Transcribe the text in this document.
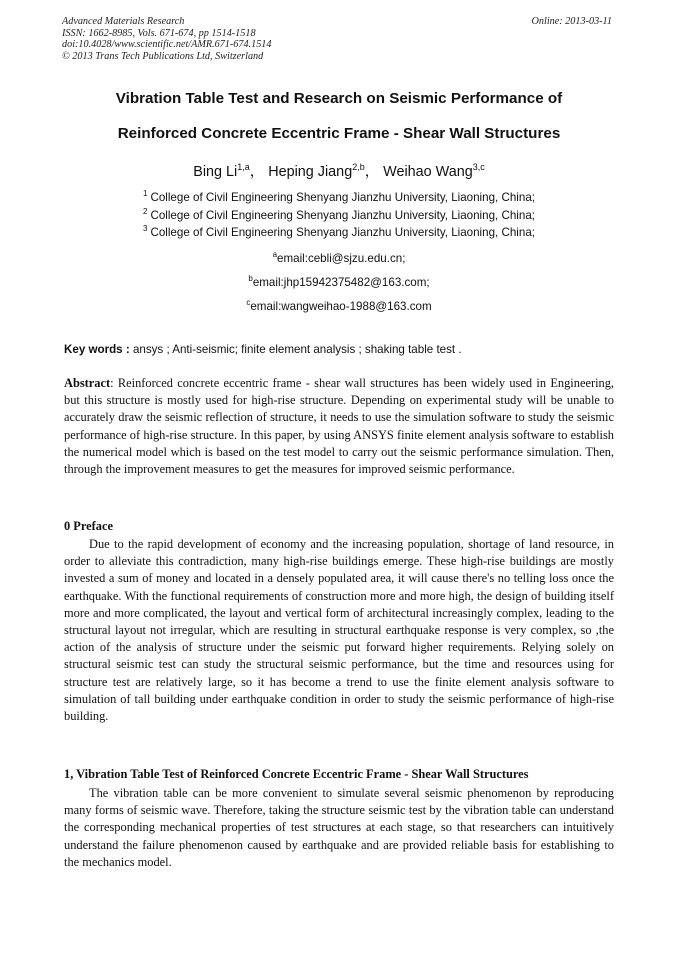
Advanced Materials Research
ISSN: 1662-8985, Vols. 671-674, pp 1514-1518
doi:10.4028/www.scientific.net/AMR.671-674.1514
© 2013 Trans Tech Publications Ltd, Switzerland
Online: 2013-03-11
Vibration Table Test and Research on Seismic Performance of
Reinforced Concrete Eccentric Frame - Shear Wall Structures
Bing Li$^{1,a}$， Heping Jiang$^{2,b}$， Weihao Wang$^{3,c}$
$^1$ College of Civil Engineering Shenyang Jianzhu University, Liaoning, China;
$^2$ College of Civil Engineering Shenyang Jianzhu University, Liaoning, China;
$^3$ College of Civil Engineering Shenyang Jianzhu University, Liaoning, China;
$^a$email:cebli@sjzu.edu.cn;
$^b$email:jhp15942375482@163.com;
$^c$email:wangweihao-1988@163.com
Key words : ansys ; Anti-seismic; finite element analysis ; shaking table test .

Abstract: Reinforced concrete eccentric frame - shear wall structures has been widely used in Engineering, but this structure is mostly used for high-rise structure. Depending on experimental study will be unable to accurately draw the seismic reflection of structure, it needs to use the simulation software to study the seismic performance of high-rise structure. In this paper, by using ANSYS finite element analysis software to establish the numerical model which is based on the test model to carry out the seismic performance simulation. Then, through the improvement measures to get the measures for improved seismic performance.

0 Preface

Due to the rapid development of economy and the increasing population, shortage of land resource, in order to alleviate this contradiction, many high-rise buildings emerge. These high-rise buildings are mostly invested a sum of money and located in a densely populated area, it will cause there's no telling loss once the earthquake. With the functional requirements of construction more and more high, the design of building itself more and more complicated, the layout and vertical form of architectural increasingly complex, leading to the structural layout not irregular, which are resulting in structural earthquake response is very complex, so ,the action of the analysis of structure under the seismic put forward higher requirements. Relying solely on structural seismic test can study the structural seismic performance, but the time and resources using for structure test are relatively large, so it has become a trend to use the finite element analysis software to simulation of tall building under earthquake condition in order to study the seismic performance of high-rise building.

1, Vibration Table Test of Reinforced Concrete Eccentric Frame - Shear Wall Structures

The vibration table can be more convenient to simulate several seismic phenomenon by reproducing many forms of seismic wave. Therefore, taking the structure seismic test by the vibration table can understand the corresponding mechanical properties of test structures at each stage, so that researchers can intuitively understand the failure phenomenon caused by earthquake and are provided reliable basis for establishing to the mechanics model.
